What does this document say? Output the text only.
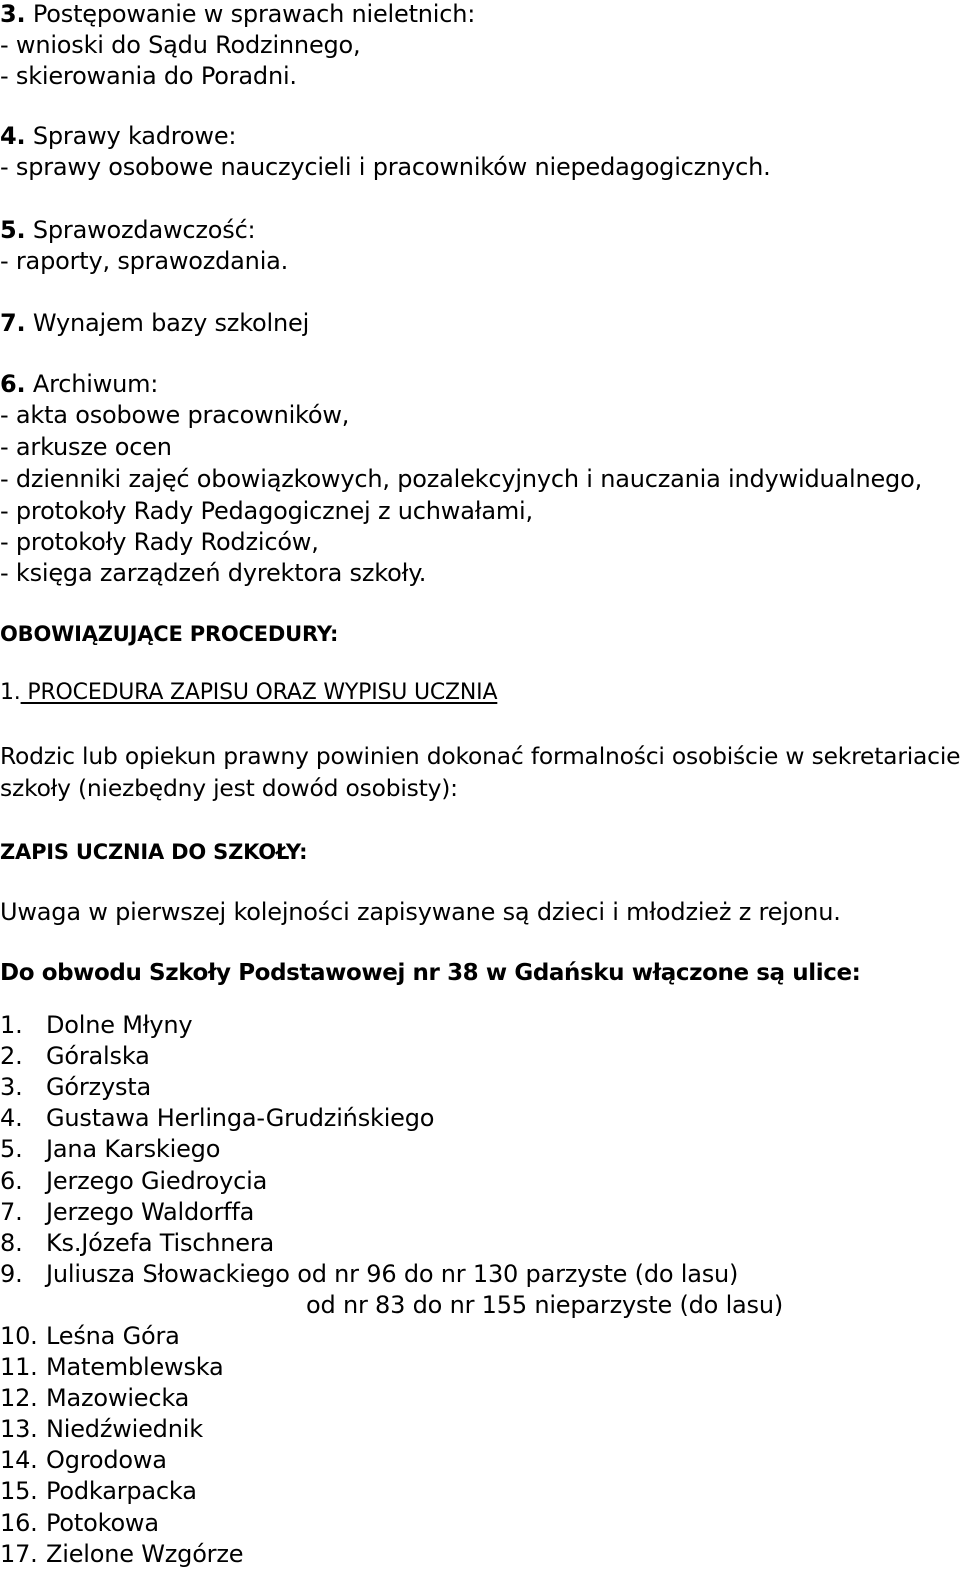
3. Postępowanie w sprawach nieletnich:
- wnioski do Sądu Rodzinnego,
- skierowania do Poradni.
4. Sprawy kadrowe:
- sprawy osobowe nauczycieli i pracowników niepedagogicznych.
5. Sprawozdawczość:
- raporty, sprawozdania.
7. Wynajem bazy szkolnej
6. Archiwum:
- akta osobowe pracowników,
- arkusze ocen
- dzienniki zajęć obowiązkowych, pozalekcyjnych i nauczania indywidualnego,
- protokoły Rady Pedagogicznej z uchwałami,
- protokoły Rady Rodziców,
- księga zarządzeń dyrektora szkoły.
OBOWIĄZUJĄCE PROCEDURY:
1. PROCEDURA ZAPISU ORAZ WYPISU UCZNIA
Rodzic lub opiekun prawny powinien dokonać formalności osobiście w sekretariacie
szkoły (niezbędny jest dowód osobisty):
ZAPIS UCZNIA DO SZKOŁY:
Uwaga w pierwszej kolejności zapisywane są dzieci i młodzież z rejonu.
Do obwodu Szkoły Podstawowej nr 38 w Gdańsku włączone są ulice:
1. Dolne Młyny
2. Góralska
3. Górzysta
4. Gustawa Herlinga-Grudzińskiego
5. Jana Karskiego
6. Jerzego Giedroycia
7. Jerzego Waldorffa
8. Ks.Józefa Tischnera
9. Juliusza Słowackiego od nr 96 do nr 130 parzyste (do lasu)
od nr 83 do nr 155 nieparzyste (do lasu)
10. Leśna Góra
11. Matemblewska
12. Mazowiecka
13. Niedźwiednik
14. Ogrodowa
15. Podkarpacka
16. Potokowa
17. Zielone Wzgórze
